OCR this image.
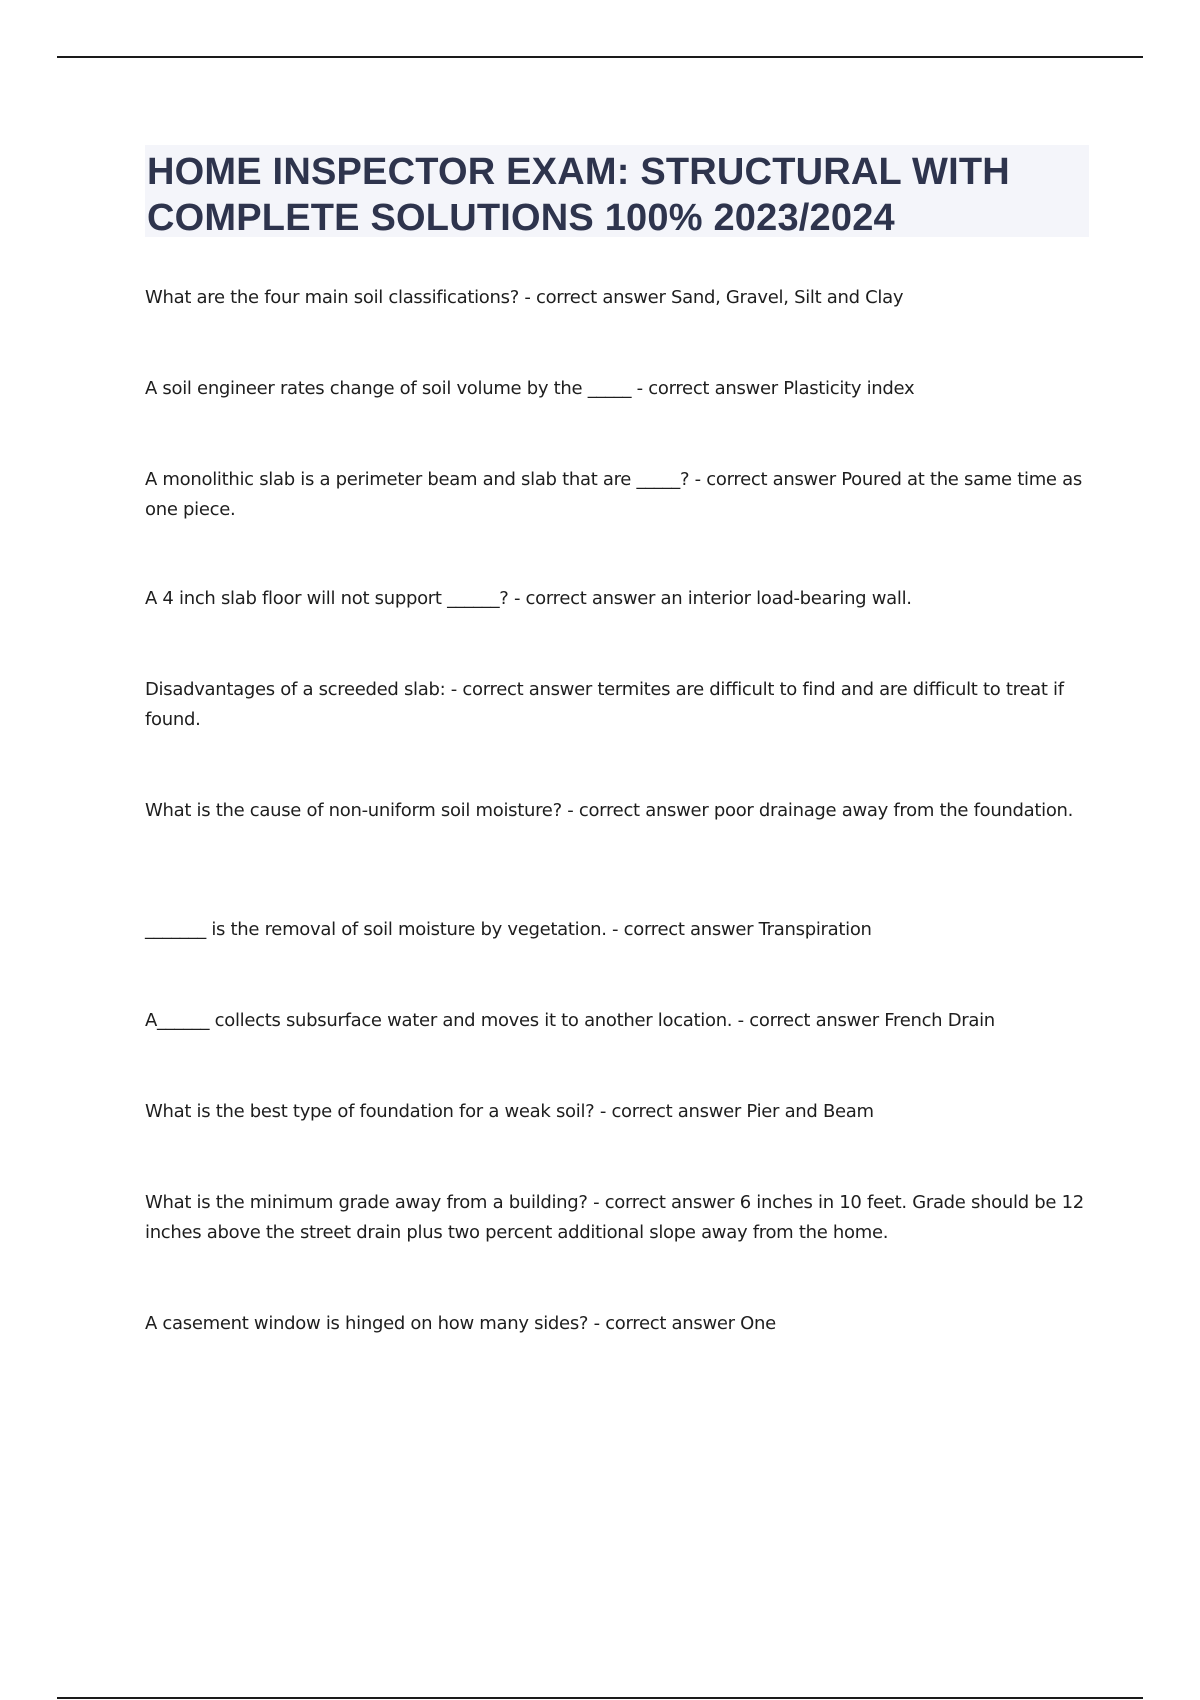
HOME INSPECTOR EXAM: STRUCTURAL WITH
COMPLETE SOLUTIONS 100% 2023/2024
What are the four main soil classifications? - correct answer Sand, Gravel, Silt and Clay
A soil engineer rates change of soil volume by the _____ - correct answer Plasticity index
A monolithic slab is a perimeter beam and slab that are _____? - correct answer Poured at the same time as one piece.
A 4 inch slab floor will not support ______? - correct answer an interior load-bearing wall.
Disadvantages of a screeded slab: - correct answer termites are difficult to find and are difficult to treat if found.
What is the cause of non-uniform soil moisture? - correct answer poor drainage away from the foundation.
_______ is the removal of soil moisture by vegetation. - correct answer Transpiration
A______ collects subsurface water and moves it to another location. - correct answer French Drain
What is the best type of foundation for a weak soil? - correct answer Pier and Beam
What is the minimum grade away from a building? - correct answer 6 inches in 10 feet. Grade should be 12 inches above the street drain plus two percent additional slope away from the home.
A casement window is hinged on how many sides? - correct answer One
